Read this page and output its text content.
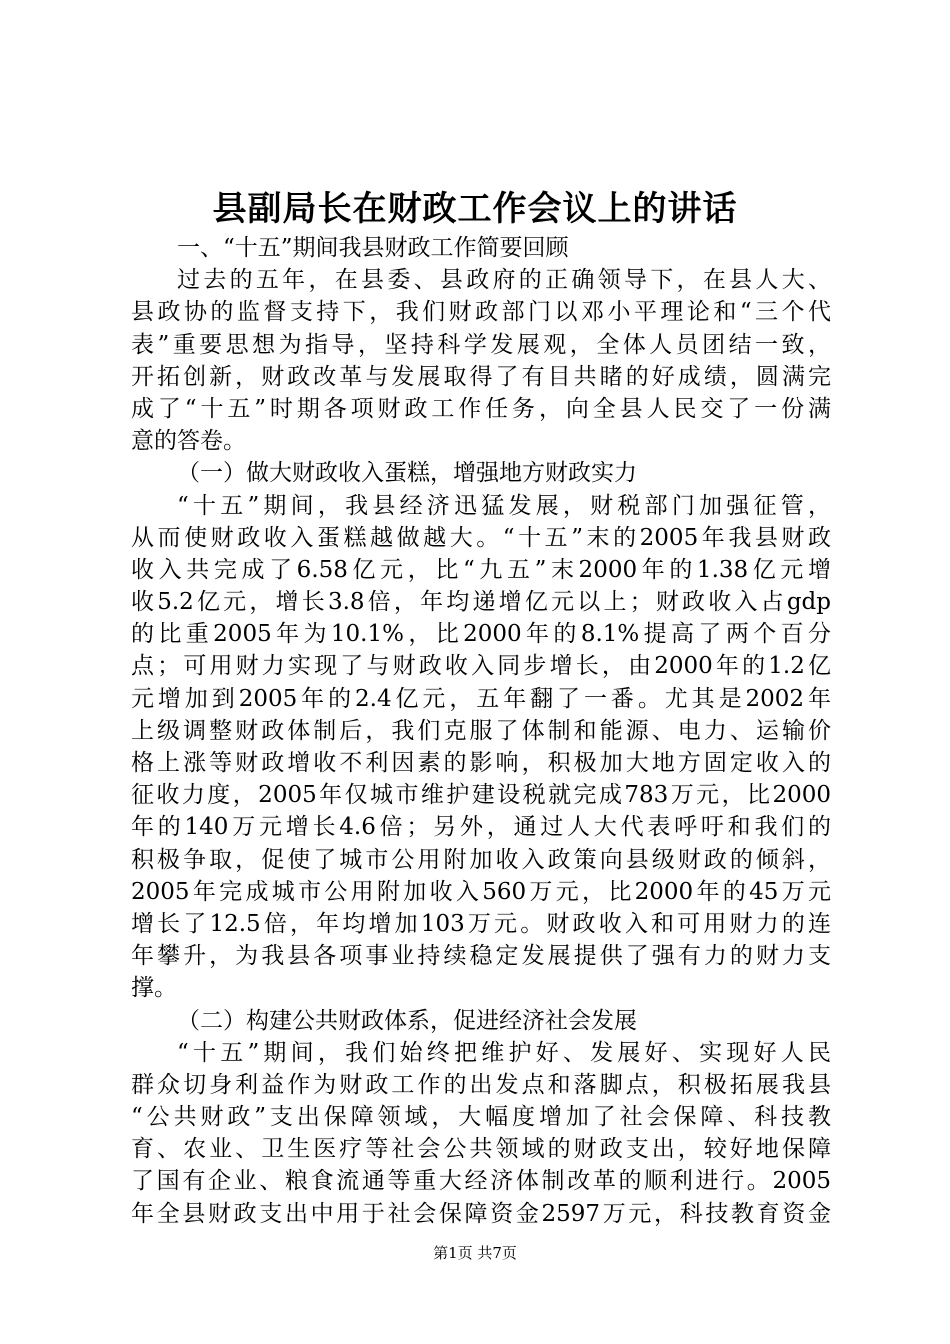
县副局长在财政工作会议上的讲话
一、“十五”期间我县财政工作简要回顾
过去的五年，在县委、县政府的正确领导下，在县人大、
县政协的监督支持下，我们财政部门以邓小平理论和“三个代
表”重要思想为指导，坚持科学发展观，全体人员团结一致，
开拓创新，财政改革与发展取得了有目共睹的好成绩，圆满完
成了“十五”时期各项财政工作任务，向全县人民交了一份满
意的答卷。
（一）做大财政收入蛋糕，增强地方财政实力
“十五”期间，我县经济迅猛发展，财税部门加强征管，
从而使财政收入蛋糕越做越大。“十五”末的2005年我县财政
收入共完成了6.58亿元，比“九五”末2000年的1.38亿元增
收5.2亿元，增长3.8倍，年均递增亿元以上；财政收入占gdp
的比重2005年为10.1%，比2000年的8.1%提高了两个百分
点；可用财力实现了与财政收入同步增长，由2000年的1.2亿
元增加到2005年的2.4亿元，五年翻了一番。尤其是2002年
上级调整财政体制后，我们克服了体制和能源、电力、运输价
格上涨等财政增收不利因素的影响，积极加大地方固定收入的
征收力度，2005年仅城市维护建设税就完成783万元，比2000
年的140万元增长4.6倍；另外，通过人大代表呼吁和我们的
积极争取，促使了城市公用附加收入政策向县级财政的倾斜，
2005年完成城市公用附加收入560万元，比2000年的45万元
增长了12.5倍，年均增加103万元。财政收入和可用财力的连
年攀升，为我县各项事业持续稳定发展提供了强有力的财力支
撑。
（二）构建公共财政体系，促进经济社会发展
“十五”期间，我们始终把维护好、发展好、实现好人民
群众切身利益作为财政工作的出发点和落脚点，积极拓展我县
“公共财政”支出保障领域，大幅度增加了社会保障、科技教
育、农业、卫生医疗等社会公共领域的财政支出，较好地保障
了国有企业、粮食流通等重大经济体制改革的顺利进行。2005
年全县财政支出中用于社会保障资金2597万元，科技教育资金
第1页 共7页
